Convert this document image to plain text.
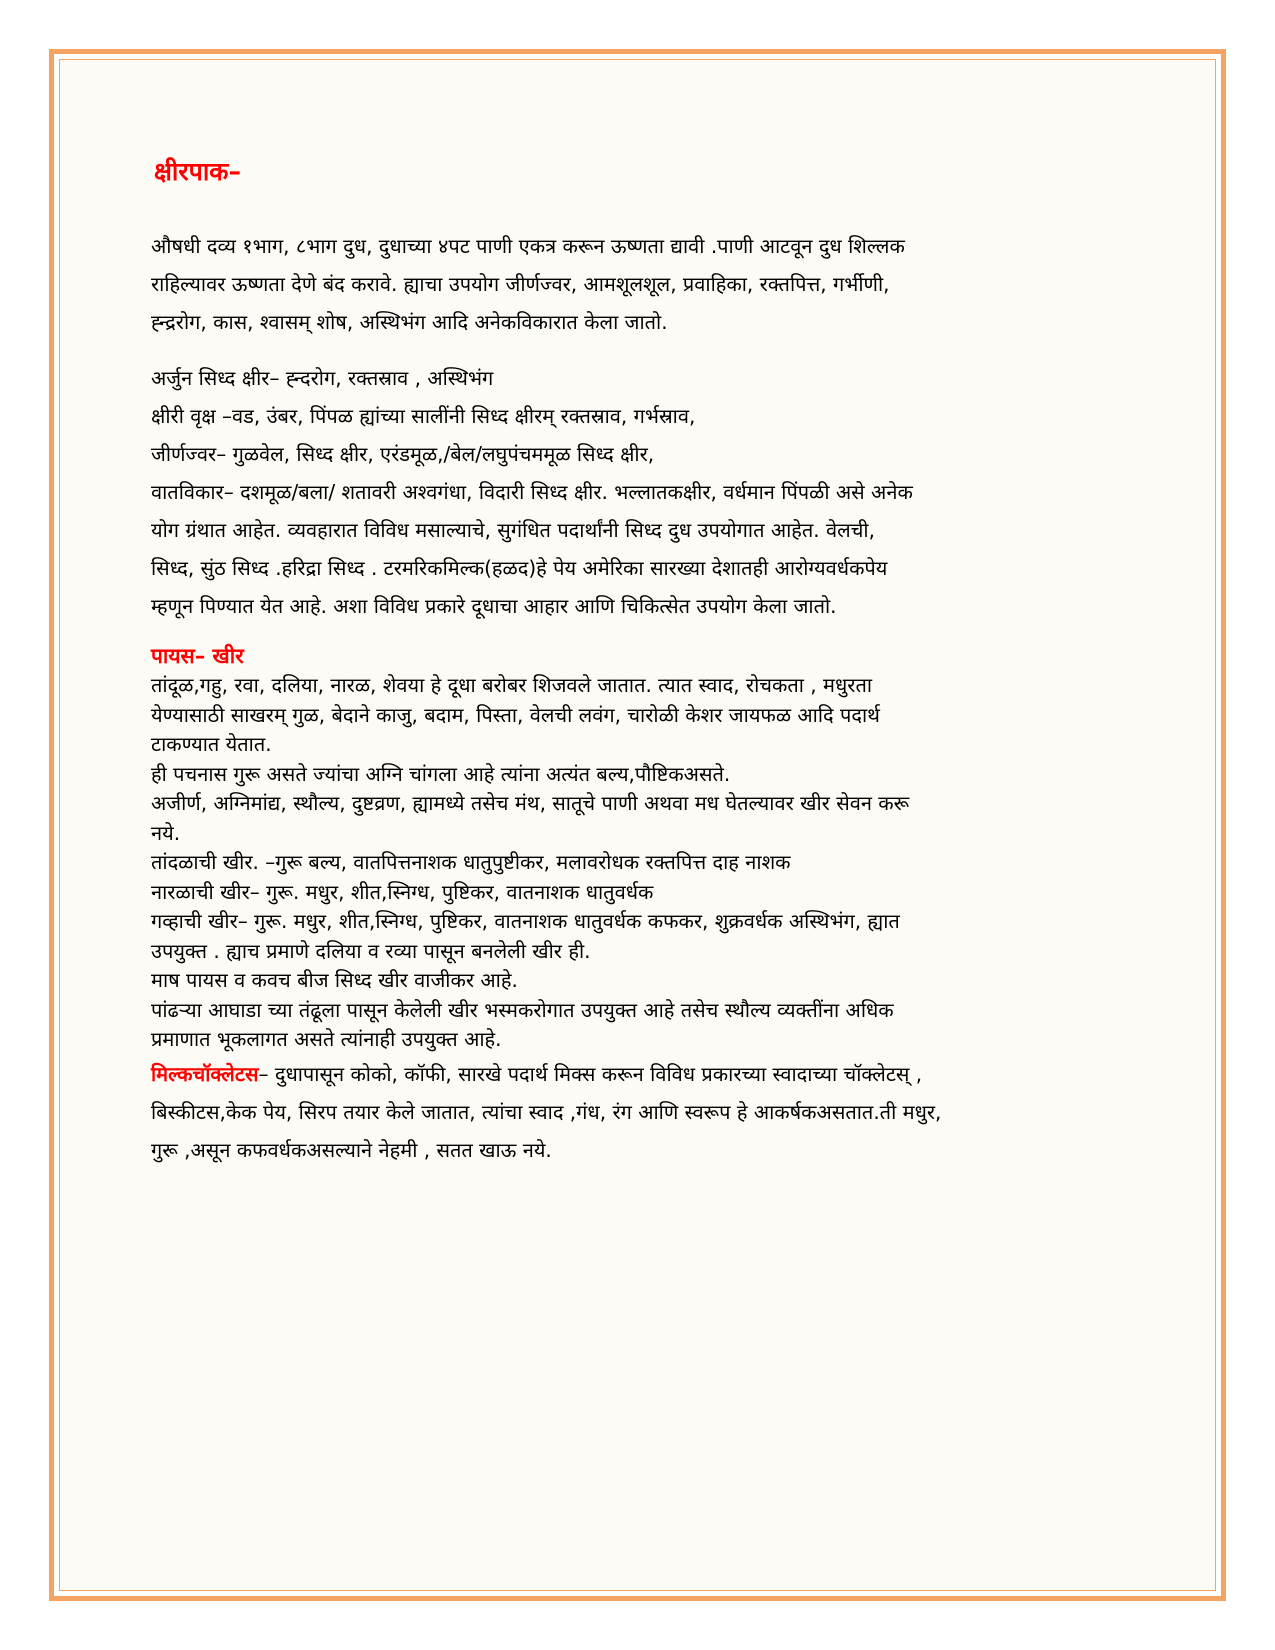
क्षीरपाक–

औषधी दव्य १भाग, ८भाग दुध, दुधाच्या ४पट पाणी एकत्र करून ऊष्णता द्यावी .पाणी आटवून दुध शिल्लक

राहिल्यावर ऊष्णता देणे बंद करावे. ह्याचा उपयोग जीर्णज्वर, आमशूलशूल, प्रवाहिका, रक्तपित्त, गर्भीणी,

ह्न्द्ररोग, कास, श्वासम्‌ शोष, अस्थिभंग आदि अनेकविकारात केला जातो.

अर्जुन सिध्द क्षीर– ह्न्दरोग, रक्तस्राव , अस्थिभंग

क्षीरी वृक्ष –वड, उंबर, पिंपळ ह्यांच्या सालींनी सिध्द क्षीरम्‌ रक्तस्राव, गर्भस्राव,

जीर्णज्वर– गुळवेल, सिध्द क्षीर, एरंडमूळ,/बेल/लघुपंचममूळ सिध्द क्षीर,

वातविकार– दशमूळ/बला/ शतावरी अश्वगंधा, विदारी सिध्द क्षीर. भल्लातकक्षीर, वर्धमान पिंपळी असे अनेक

योग ग्रंथात आहेत. व्यवहारात विविध मसाल्याचे, सुगंधित पदार्थांनी सिध्द दुध उपयोगात आहेत. वेलची,

सिध्द, सुंठ सिध्द .हरिद्रा सिध्द . टरमरिकमिल्क(हळद)हे पेय अमेरिका सारख्या देशातही आरोग्यवर्धकपेय

म्हणून पिण्यात येत आहे. अशा विविध प्रकारे दूधाचा आहार आणि चिकित्सेत उपयोग केला जातो.

पायस– खीर

तांदूळ,गहु, रवा, दलिया, नारळ, शेवया हे दूधा बरोबर शिजवले जातात. त्यात स्वाद, रोचकता , मधुरता

येण्यासाठी साखरम्‌ गुळ, बेदाने काजु, बदाम, पिस्ता, वेलची लवंग, चारोळी केशर जायफळ आदि पदार्थ

टाकण्यात येतात.

ही पचनास गुरू असते ज्यांचा अग्नि चांगला आहे त्यांना अत्यंत बल्य,पौष्टिकअसते.

अजीर्ण, अग्निमांद्य, स्थौल्य, दुष्टव्रण, ह्यामध्ये तसेच मंथ, सातूचे पाणी अथवा मध घेतल्यावर खीर सेवन करू

नये.

तांदळाची खीर. –गुरू बल्य, वातपित्तनाशक धातुपुष्टीकर, मलावरोधक रक्तपित्त दाह नाशक

नारळाची खीर– गुरू. मधुर, शीत,स्निग्ध, पुष्टिकर, वातनाशक धातुवर्धक

गव्हाची खीर– गुरू. मधुर, शीत,स्निग्ध, पुष्टिकर, वातनाशक धातुवर्धक कफकर, शुक्रवर्धक अस्थिभंग, ह्यात

उपयुक्त . ह्याच प्रमाणे दलिया व रव्या पासून बनलेली खीर ही.

माष पायस व कवच बीज सिध्द खीर वाजीकर आहे.

पांढऱ्या आघाडा च्या तंढूला पासून केलेली खीर भस्मकरोगात उपयुक्त आहे तसेच स्थौल्य व्यक्तींना अधिक

प्रमाणात भूकलागत असते त्यांनाही उपयुक्त आहे.

मिल्कचॉक्लेटस– दुधापासून कोको, कॉफी, सारखे पदार्थ मिक्स करून विविध प्रकारच्या स्वादाच्या चॉक्लेटस् ,

बिस्कीटस,केक पेय, सिरप तयार केले जातात, त्यांचा स्वाद ,गंध, रंग आणि स्वरूप हे आकर्षकअसतात.ती मधुर,

गुरू ,असून कफवर्धकअसल्याने नेहमी , सतत खाऊ नये.
